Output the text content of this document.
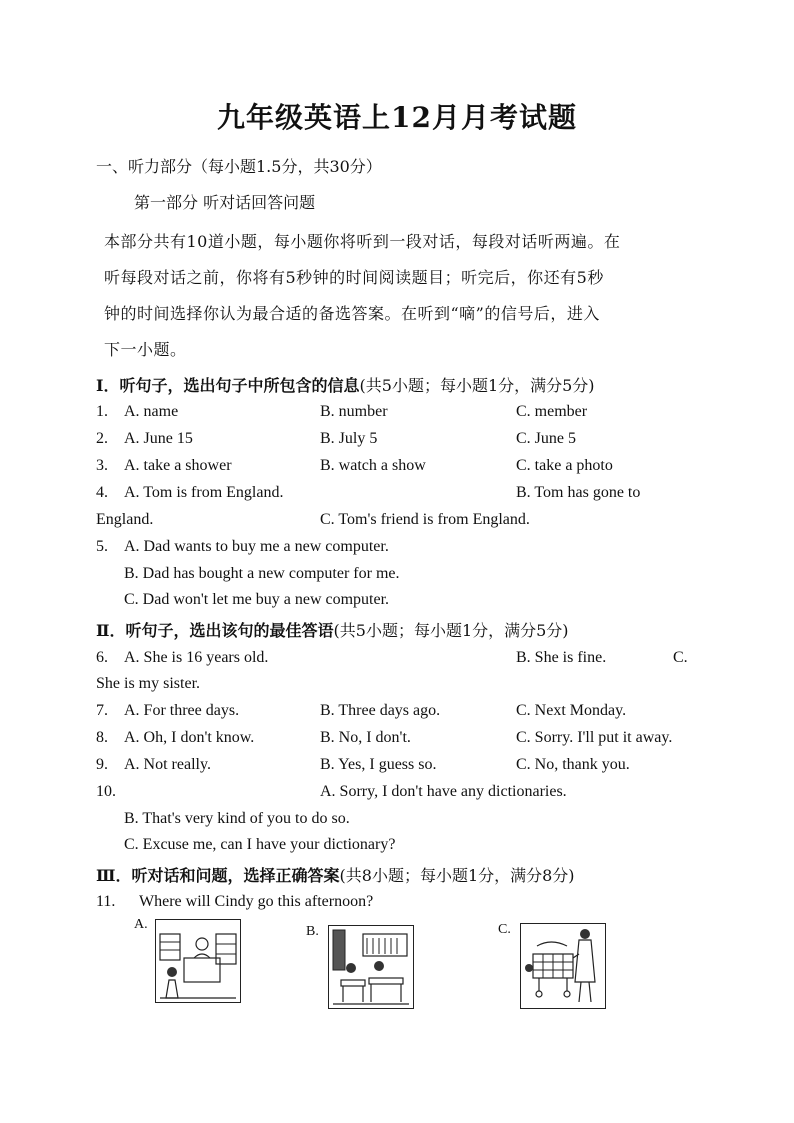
九年级英语上12月月考试题
一、听力部分（每小题1.5分，共30分）
第一部分 听对话回答问题
本部分共有10道小题，每小题你将听到一段对话，每段对话听两遍。在
听每段对话之前，你将有5秒钟的时间阅读题目；听完后，你还有5秒
钟的时间选择你认为最合适的备选答案。在听到“嘀”的信号后，进入
下一小题。
Ⅰ．听句子，选出句子中所包含的信息(共5小题；每小题1分，满分5分)
1. A. name	B. number	C. member
2. A. June 15	B. July 5	C. June 5
3. A. take a shower	B. watch a show	C. take a photo
4. A. Tom is from England.	B. Tom has gone to
England.	C. Tom's friend is from England.
5. A. Dad wants to buy me a new computer.
B. Dad has bought a new computer for me.
C. Dad won't let me buy a new computer.
Ⅱ．听句子，选出该句的最佳答语(共5小题；每小题1分，满分5分)
6. A. She is 16 years old.	B. She is fine.	C.
She is my sister.
7. A. For three days.	B. Three days ago.	C. Next Monday.
8. A. Oh, I don't know.	B. No, I don't.	C. Sorry. I'll put it away.
9. A. Not really.	B. Yes, I guess so.	C. No, thank you.
10.	A. Sorry, I don't have any dictionaries.
B. That's very kind of you to do so.
C. Excuse me, can I have your dictionary?
Ⅲ．听对话和问题，选择正确答案(共8小题；每小题1分，满分8分)
11. Where will Cindy go this afternoon?
A.	B.	C.
